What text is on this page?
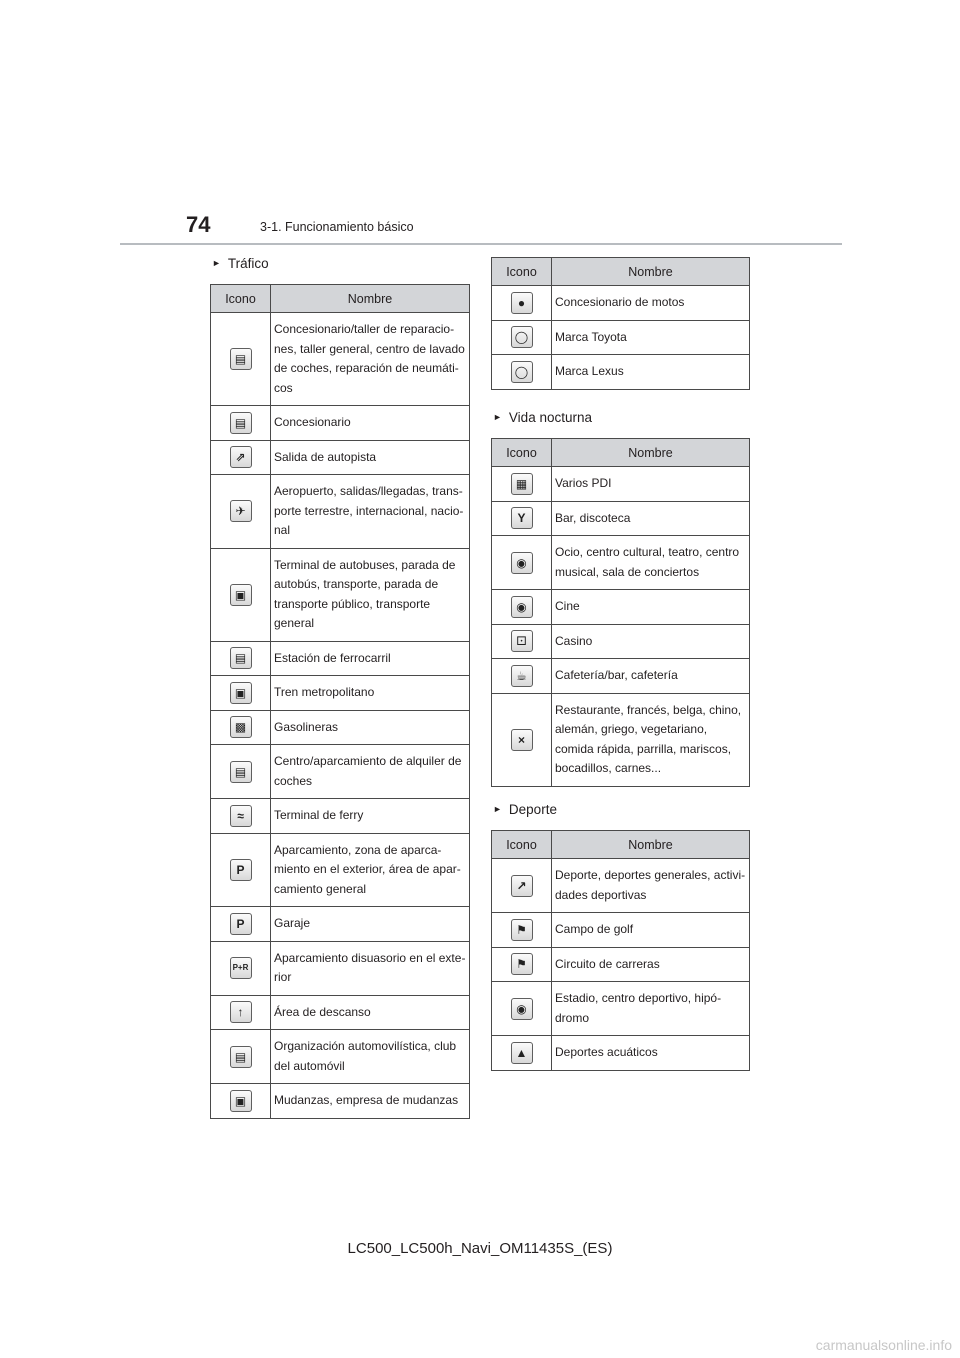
74	3-1. Funcionamiento básico
► Tráfico
Icono	Nombre
▤	Concesionario/taller de reparacio-
nes, taller general, centro de lavado
de coches, reparación de neumáti-
cos
▤	Concesionario
⇗	Salida de autopista
✈	Aeropuerto, salidas/llegadas, trans-
porte terrestre, internacional, nacio-
nal
▣	Terminal de autobuses, parada de
autobús, transporte, parada de
transporte público, transporte
general
▤	Estación de ferrocarril
▣	Tren metropolitano
▩	Gasolineras
▤	Centro/aparcamiento de alquiler de
coches
≈	Terminal de ferry
P	Aparcamiento, zona de aparca-
miento en el exterior, área de apar-
camiento general
P	Garaje
P+R	Aparcamiento disuasorio en el exte-
rior
↑	Área de descanso
▤	Organización automovilística, club
del automóvil
▣	Mudanzas, empresa de mudanzas
Icono	Nombre
●	Concesionario de motos
◯	Marca Toyota
◯	Marca Lexus
► Vida nocturna
Icono	Nombre
▦	Varios PDI
Y	Bar, discoteca
◉	Ocio, centro cultural, teatro, centro
musical, sala de conciertos
◉	Cine
⚀	Casino
☕	Cafetería/bar, cafetería
×	Restaurante, francés, belga, chino,
alemán, griego, vegetariano,
comida rápida, parrilla, mariscos,
bocadillos, carnes...
► Deporte
Icono	Nombre
↗	Deporte, deportes generales, activi-
dades deportivas
⚑	Campo de golf
⚑	Circuito de carreras
◉	Estadio, centro deportivo, hipó-
dromo
▲	Deportes acuáticos
LC500_LC500h_Navi_OM11435S_(ES)
carmanualsonline.info
